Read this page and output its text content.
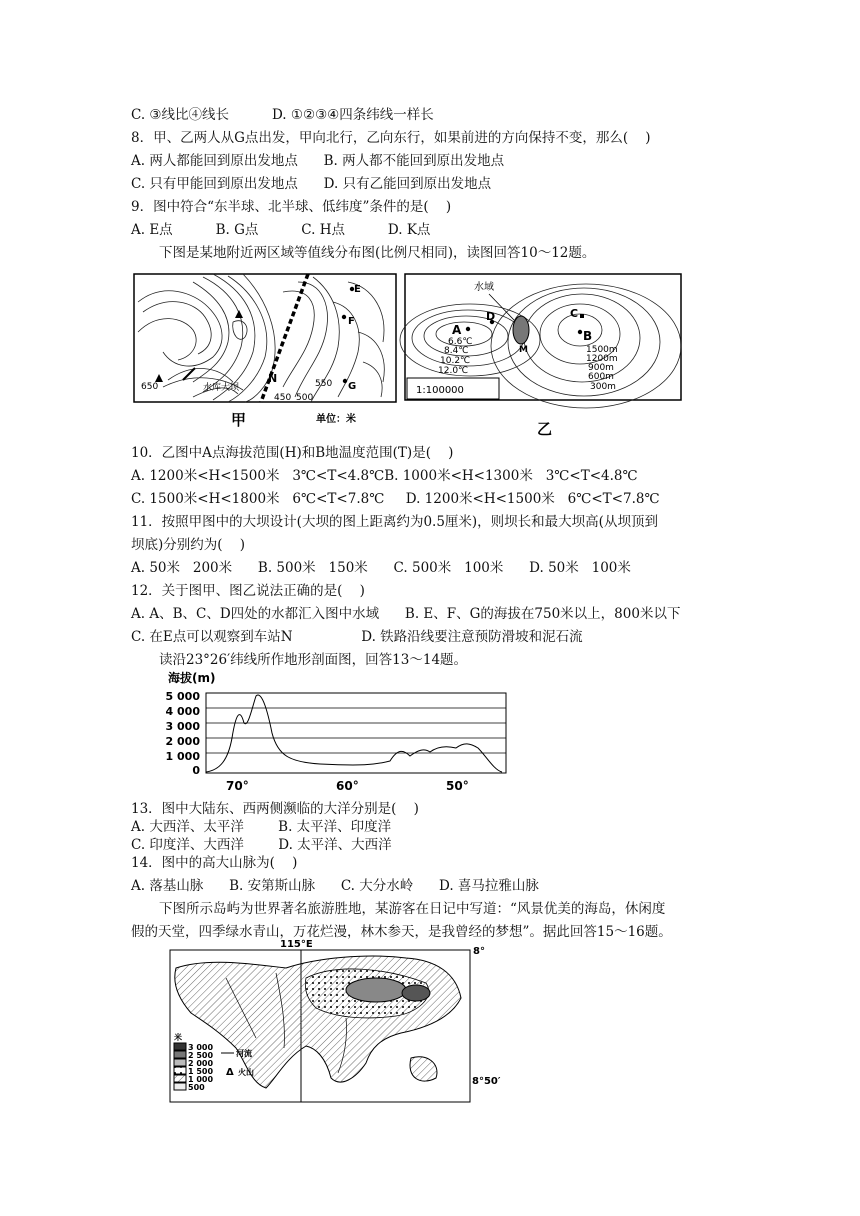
C. ③线比④线长          D. ①②③④四条纬线一样长
8．甲、乙两人从G点出发，甲向北行，乙向东行，如果前进的方向保持不变，那么(    )
A. 两人都能回到原出发地点      B. 两人都不能回到原出发地点
C. 只有甲能回到原出发地点      D. 只有乙能回到原出发地点
9．图中符合“东半球、北半球、低纬度”条件的是(    )
A. E点          B. G点          C. H点          D. K点
下图是某地附近两区域等值线分布图(比例尺相同)，读图回答10～12题。
E
F
G
N
水库大坝
650	550
450 500
甲	单位：米
水域
A
D	C
B
M
6.6℃
8.4℃
10.2℃
12.0℃
1500m
1200m
900m
600m
300m
1:100000
乙
10．乙图中A点海拔范围(H)和B地温度范围(T)是(    )
A. 1200米<H<1500米   3℃<T<4.8℃B. 1000米<H<1300米   3℃<T<4.8℃
C. 1500米<H<1800米   6℃<T<7.8℃     D. 1200米<H<1500米   6℃<T<7.8℃
11．按照甲图中的大坝设计(大坝的图上距离约为0.5厘米)，则坝长和最大坝高(从坝顶到
坝底)分别约为(    )
A. 50米   200米      B. 500米   150米      C. 500米   100米      D. 50米   100米
12．关于图甲、图乙说法正确的是(    )
A. A、B、C、D四处的水都汇入图中水域      B. E、F、G的海拔在750米以上，800米以下
C. 在E点可以观察到车站N                D. 铁路沿线要注意预防滑坡和泥石流
读沿23°26′纬线所作地形剖面图，回答13～14题。
海拔(m)
5 000
4 000
3 000
2 000
1 000
0
70°	60°	50°
13．图中大陆东、西两侧濒临的大洋分别是(    )
A. 大西洋、太平洋        B. 太平洋、印度洋
C. 印度洋、大西洋        D. 太平洋、大西洋
14．图中的高大山脉为(    )
A. 落基山脉      B. 安第斯山脉      C. 大分水岭      D. 喜马拉雅山脉
下图所示岛屿为世界著名旅游胜地，某游客在日记中写道：“风景优美的海岛，休闲度
假的天堂，四季绿水青山，万花烂漫，林木参天，是我曾经的梦想”。据此回答15～16题。
115°E
8°
8°50′
米
3 000
2 500
2 000
1 500
1 000
500
河流
Δ 火山
